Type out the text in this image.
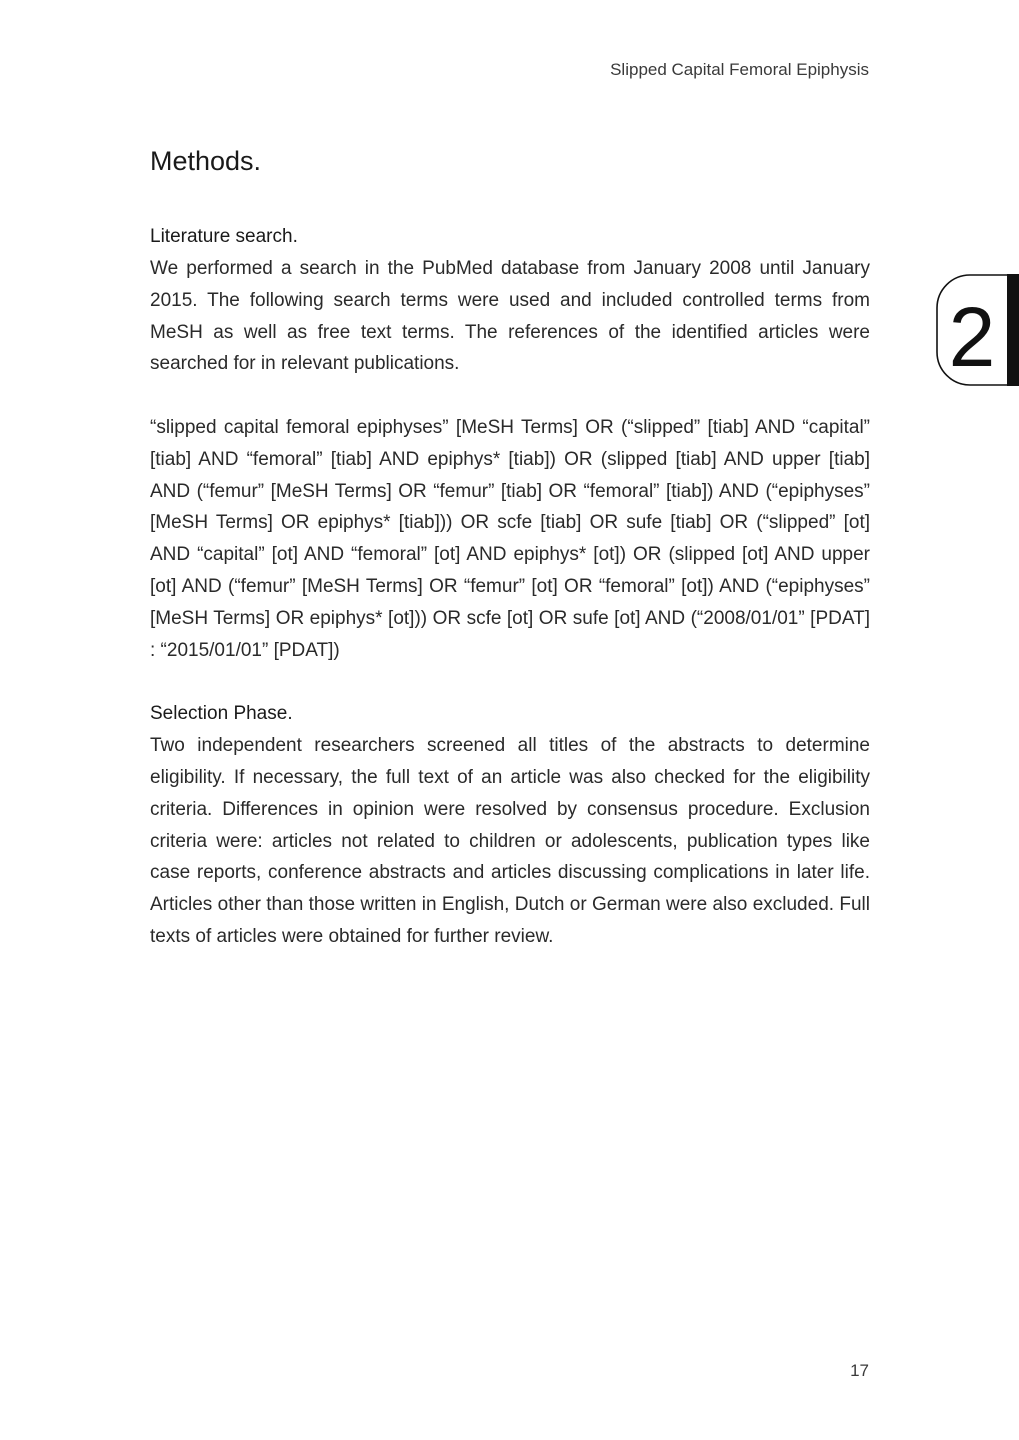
Slipped Capital Femoral Epiphysis
2
Methods.
Literature search.

We performed a search in the PubMed database from January 2008 until January 2015. The following search terms were used and included controlled terms from MeSH as well as free text terms. The references of the identified articles were searched for in relevant publications.

“slipped capital femoral epiphyses” [MeSH Terms] OR (“slipped” [tiab] AND “capital” [tiab] AND “femoral” [tiab] AND epiphys* [tiab]) OR (slipped [tiab] AND upper [tiab] AND (“femur” [MeSH Terms] OR “femur” [tiab] OR “femoral” [tiab]) AND (“epiphyses” [MeSH Terms] OR epiphys* [tiab])) OR scfe [tiab] OR sufe [tiab] OR (“slipped” [ot] AND “capital” [ot] AND “femoral” [ot] AND epiphys* [ot]) OR (slipped [ot] AND upper [ot] AND (“femur” [MeSH Terms] OR “femur” [ot] OR “femoral” [ot]) AND (“epiphyses” [MeSH Terms] OR epiphys* [ot])) OR scfe [ot] OR sufe [ot] AND (“2008/01/01” [PDAT] : “2015/01/01” [PDAT])

Selection Phase.

Two independent researchers screened all titles of the abstracts to determine eligibility. If necessary, the full text of an article was also checked for the eligibility criteria. Differences in opinion were resolved by consensus procedure. Exclusion criteria were: articles not related to children or adolescents, publication types like case reports, conference abstracts and articles discussing complications in later life. Articles other than those written in English, Dutch or German were also excluded. Full texts of articles were obtained for further review.

17
